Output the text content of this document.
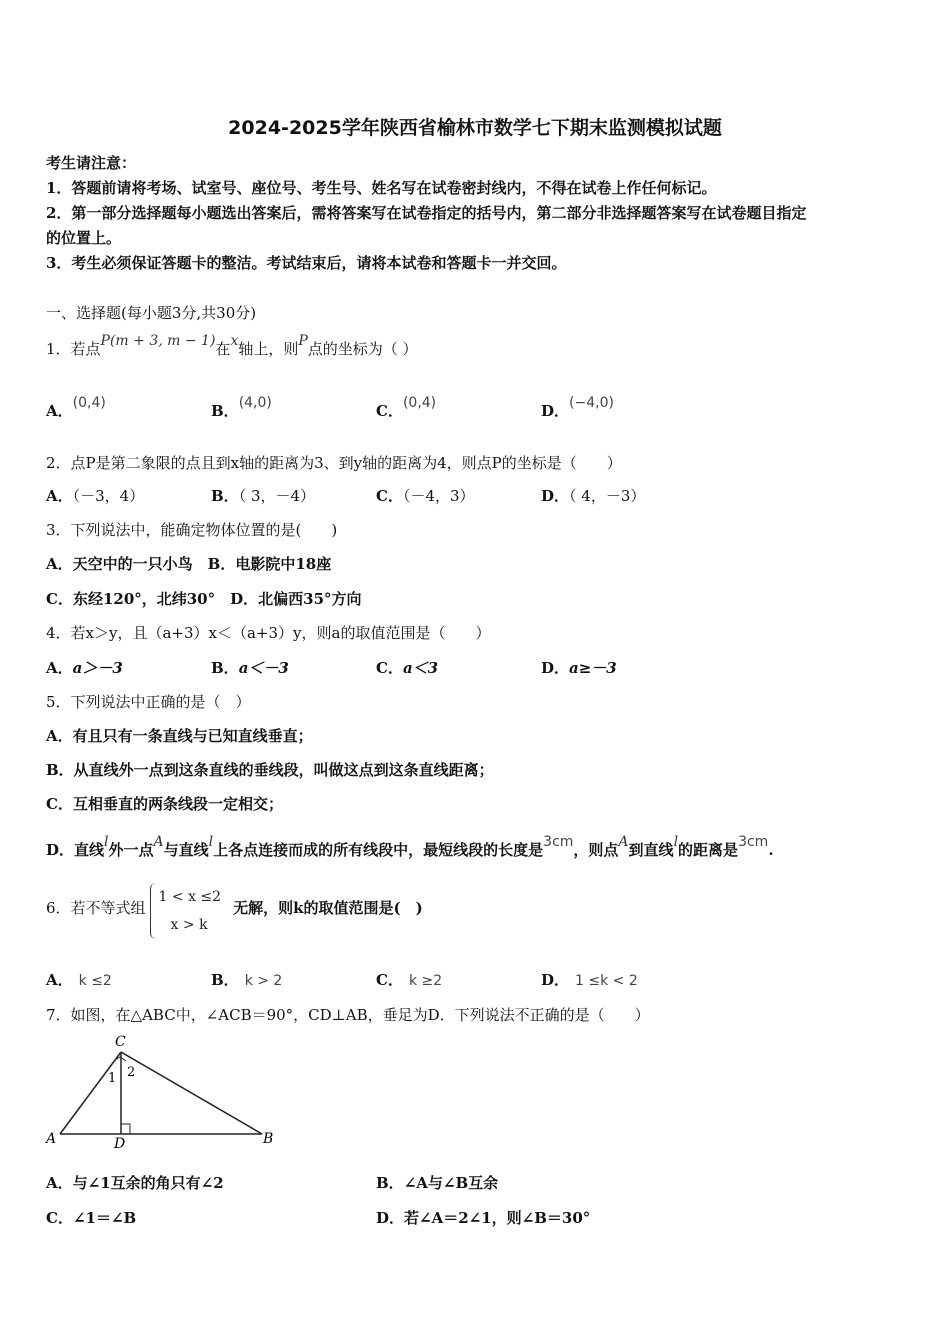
2024-2025学年陕西省榆林市数学七下期末监测模拟试题
考生请注意：
1．答题前请将考场、试室号、座位号、考生号、姓名写在试卷密封线内，不得在试卷上作任何标记。
2．第一部分选择题每小题选出答案后，需将答案写在试卷指定的括号内，第二部分非选择题答案写在试卷题目指定
的位置上。
3．考生必须保证答题卡的整洁。考试结束后，请将本试卷和答题卡一并交回。
一、选择题(每小题3分,共30分)
1．若点P(m + 3, m − 1)在x轴上，则P点的坐标为（ ）
A．(0,4)	B．(4,0)	C．(0,4)	D．(−4,0)
2．点P是第二象限的点且到x轴的距离为3、到y轴的距离为4，则点P的坐标是（　　）
A．（－3，4）	B．（ 3，－4）	C．（－4，3）	D．（ 4，－3）
3．下列说法中，能确定物体位置的是(　　)
A．天空中的一只小鸟　B．电影院中18座
C．东经120°，北纬30°　D．北偏西35°方向
4．若x＞y，且（a+3）x＜（a+3）y，则a的取值范围是（　　）
A．a＞－3	B．a＜－3	C．a＜3	D．a≥－3
5．下列说法中正确的是（　）
A．有且只有一条直线与已知直线垂直；
B．从直线外一点到这条直线的垂线段，叫做这点到这条直线距离；
C．互相垂直的两条线段一定相交；
D．直线l外一点A与直线l上各点连接而成的所有线段中，最短线段的长度是3cm，则点A到直线l的距离是3cm.
6．若不等式组
1 < x ≤2
x > k
无解，则k的取值范围是(　)
A． k ≤2	B． k > 2	C． k ≥2	D． 1 ≤k < 2
7．如图，在△ABC中，∠ACB＝90°，CD⊥AB，垂足为D．下列说法不正确的是（　　）
C
A	B
D
1 2
A．与∠1互余的角只有∠2	B．∠A与∠B互余
C．∠1＝∠B	D．若∠A＝2∠1，则∠B＝30°
